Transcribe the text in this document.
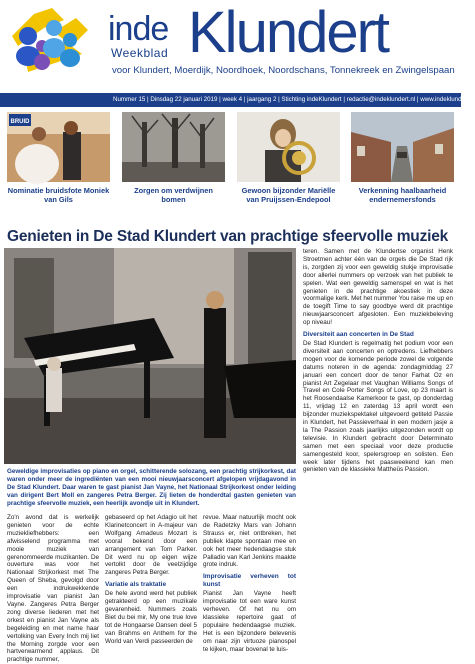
inde
Weekblad Klundert
voor Klundert, Moerdijk, Noordhoek, Noordschans, Tonnekreek en Zwingelspaan
Nummer 15 | Dinsdag 22 januari 2019 | week 4 | jaargang 2 | Stichting indeKlundert | redactie@indeklundert.nl | www.indeklundert.nl
BRUID
Nominatie bruidsfote Moniek van Gils
Zorgen om verdwijnen bomen
Gewoon bijzonder Mariëlle van Pruijssen-Endepool
Verkenning haalbaarheid endernemersfonds
Genieten in De Stad Klundert van prachtige sfeervolle muziek
Geweldige improvisaties op piano en orgel, schitterende solozang, een prachtig strijkorkest, dat waren onder meer de ingrediënten van een mooi nieuwjaarsconcert afgelopen vrijdagavond in De Stad Klundert. Daar waren te gast pianist Jan Vayne, het Nationaal Strijkorkest onder leiding van dirigent Bert Moll en zangeres Petra Berger. Zij lieten de honderdtal gasten genieten van prachtige sfeervolle muziek, een heerlijk avondje uit in Klundert.

Zo'n avond dat is werkelijk genieten voor de echte muziekliefhebbers: een afwisselend programma met mooie muziek van gerenommeerde muzikanten. De ouverture was voor het Nationaal Strijkorkest met The Queen of Sheba, gevolgd door een indrukwekkende improvisatie van pianist Jan Vayne. Zangeres Petra Berger zong diverse liederen met het orkest en pianist Jan Vayne als begeleiding en met name haar vertolking van Every Inch mij liet the Morning zorgde voor een hartverwarmend applaus. Dit prachtige nummer,

gebaseerd op het Adagio uit het Klarinetconcert in A-majeur van Wolfgang Amadeus Mozart is vooral bekend door een arrangement van Tom Parker. Dit werd nu op eigen wijze vertolkt door de veelzijdige zangeres Petra Berger.

Variatie als traktatie

De hele avond werd het publiek getrakteerd op een muzikale gevarenheid. Nummers zoals Biet du bei mir, My one true love tot de Hongaarse Dansen deel 5 van Brahms en Anthem for the World van Verdi passeerden de

revue. Maar natuurlijk mocht ook de Radetzky Mars van Johann Strauss er, niet ontbreken, het publiek klapte spontaan mee en ook het meer hedendaagse stuk Palladio van Karl Jenkins maakte grote indruk.

Improvisatie verheven tot kunst

Pianist Jan Vayne heeft improvisatie tot een ware kunst verheven. Of het nu om klassieke repertoire gaat of populaire hedendaagse muziek. Het is een bijzondere belevenis om naar zijn virtuoze pianospel te kijken, maar bovenal te luis-

teren. Samen met de Klundertse organist Henk Stroetmen achter één van de orgels die De Stad rijk is, zorgden zij voor een geweldig stukje improvisatie door allerlei nummers op verzoek van het publiek te spelen. Wat een geweldig samenspel en wat is het genieten in de prachtige akoestiek in deze voormalige kerk. Met het nummer You raise me up en de toegift Time to say goodbye werd dit prachtige nieuwjaarsconcert afgesloten. Een muziekbeleving op niveau!

Diversiteit aan concerten in De Stad

De Stad Klundert is regelmatig het podium voor een diversiteit aan concerten en optredens. Liefhebbers mogen voor de komende periode zowel de volgende datums noteren in de agenda: zondagmiddag 27 januari een concert door de tenor Farhat Oz en pianist Art Zegelaar met Vaughan Williams Songs of Travel en Cole Porter Songs of Love, op 23 maart is het Roosendaalse Kamerkoor te gast, op donderdag 11, vrijdag 12 en zaterdag 13 april wordt een bijzonder muziekspektakel uitgevoerd getiteld Passie in Klundert, het Passieverhaal in een modern jasje a la The Passion zoals jaarlijks uitgezonden wordt op televisie. In Klundert gebracht door Determinato samen met een speciaal voor deze productie samengesteld koor, spelersgroep en solisten. Een week later tijdens het paasweekend kan men genieten van de klassieke Mattheüs Passion.
